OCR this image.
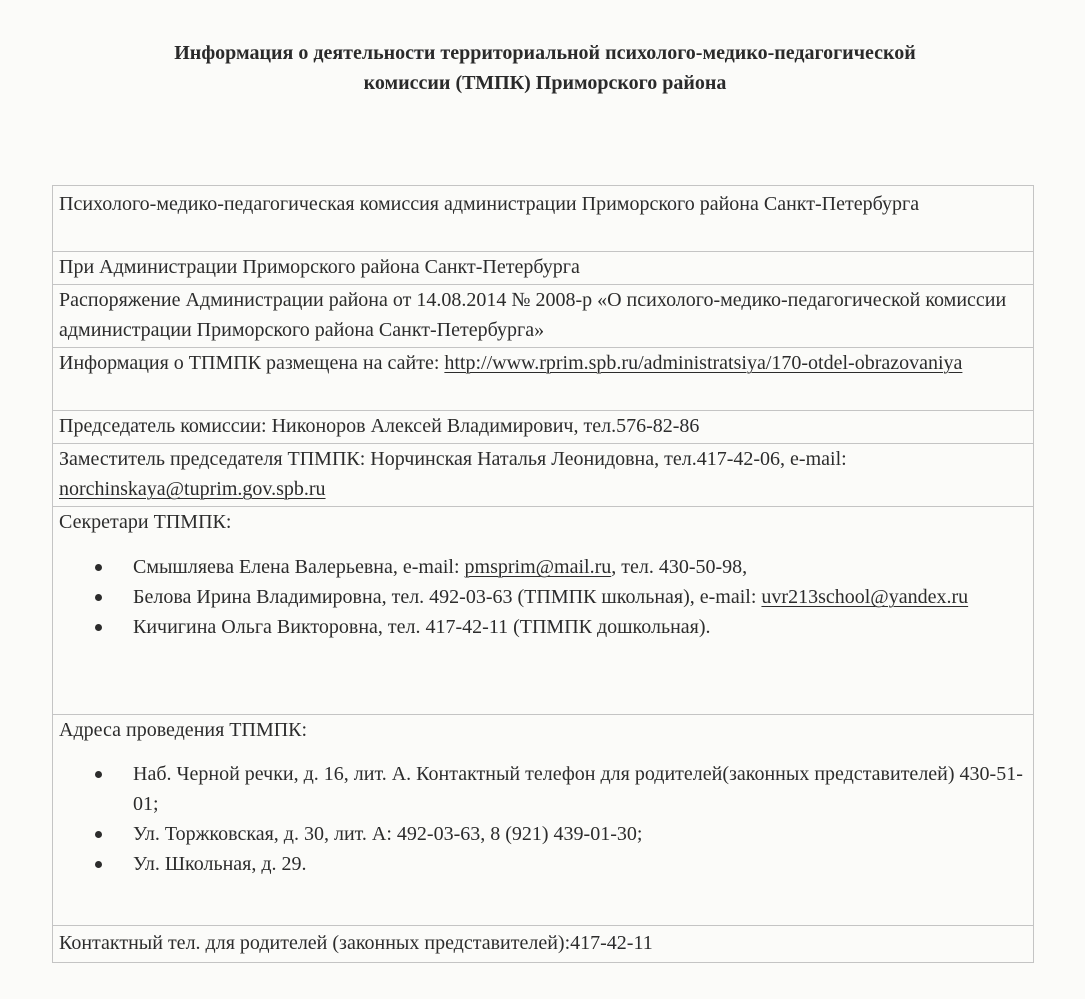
Информация о деятельности территориальной психолого-медико-педагогической
комиссии (ТМПК) Приморского района
Психолого-медико-педагогическая комиссия администрации Приморского района Санкт-Петербурга
При Администрации Приморского района Санкт-Петербурга
Распоряжение Администрации района от 14.08.2014 № 2008-р «О психолого-медико-педагогической комиссии администрации Приморского района Санкт-Петербурга»
Информация о ТПМПК размещена на сайте: http://www.rprim.spb.ru/administratsiya/170-otdel-obrazovaniya
Председатель комиссии: Никоноров Алексей Владимирович, тел.576-82-86
Заместитель председателя ТПМПК: Норчинская Наталья Леонидовна, тел.417-42-06, e-mail: norchinskaya@tuprim.gov.spb.ru

Секретари ТПМПК:
Смышляева Елена Валерьевна, e-mail: pmsprim@mail.ru, тел. 430-50-98,
Белова Ирина Владимировна, тел. 492-03-63 (ТПМПК школьная), e-mail: uvr213school@yandex.ru
Кичигина Ольга Викторовна, тел. 417-42-11 (ТПМПК дошкольная).

Адреса проведения ТПМПК:
Наб. Черной речки, д. 16, лит. А. Контактный телефон для родителей(законных представителей) 430-51-01;
Ул. Торжковская, д. 30, лит. А: 492-03-63, 8 (921) 439-01-30;
Ул. Школьная, д. 29.

Контактный тел. для родителей (законных представителей):417-42-11
